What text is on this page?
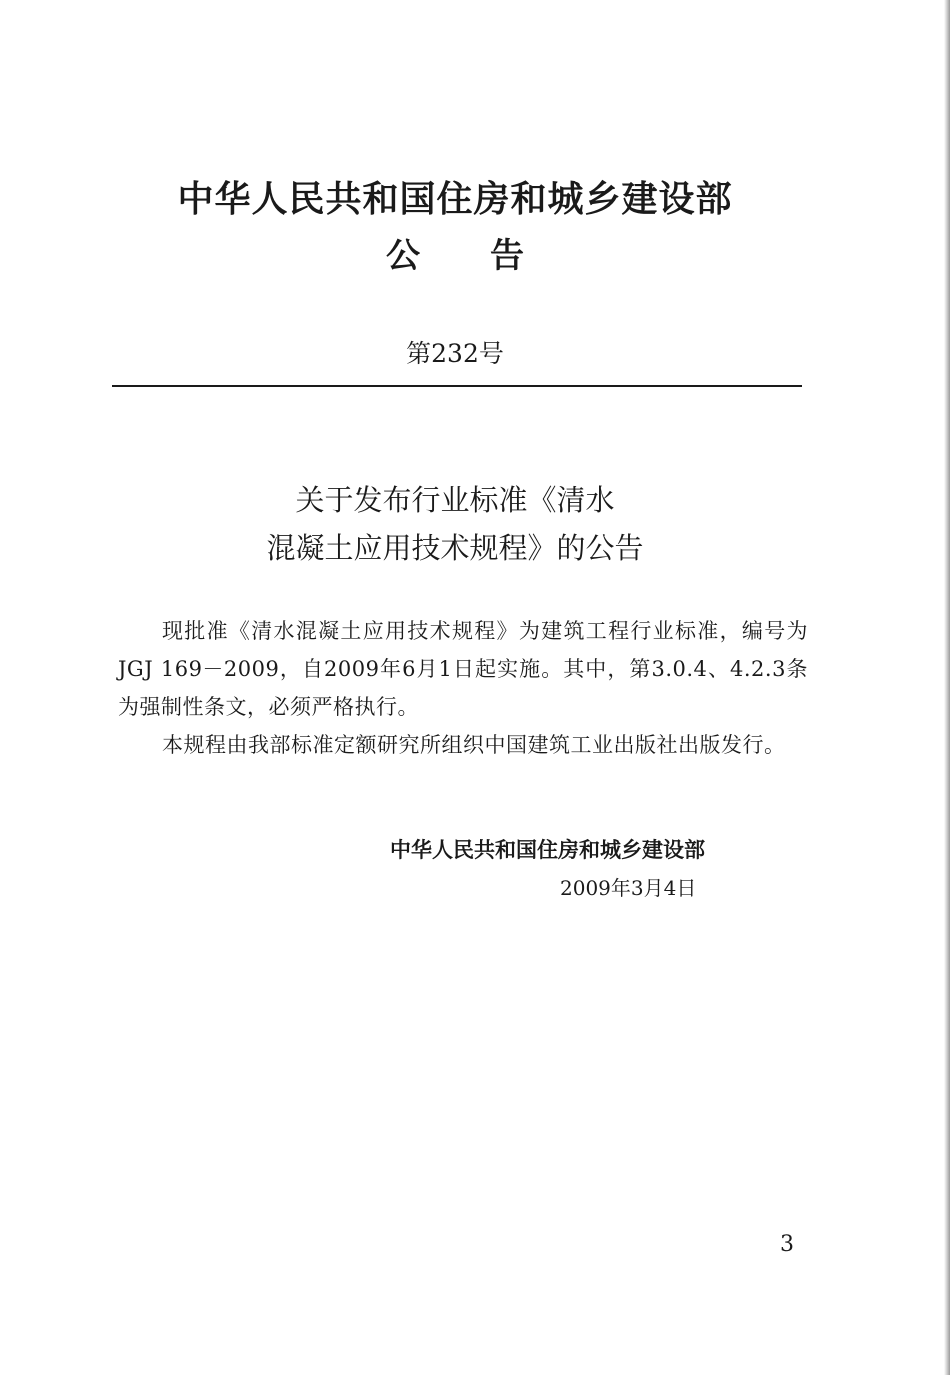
中华人民共和国住房和城乡建设部
公告
第232号
关于发布行业标准《清水
混凝土应用技术规程》的公告

现批准《清水混凝土应用技术规程》为建筑工程行业标准，编号为JGJ 169－2009，自2009年6月1日起实施。其中，第3.0.4、4.2.3条为强制性条文，必须严格执行。

本规程由我部标准定额研究所组织中国建筑工业出版社出版发行。

中华人民共和国住房和城乡建设部
2009年3月4日
3
